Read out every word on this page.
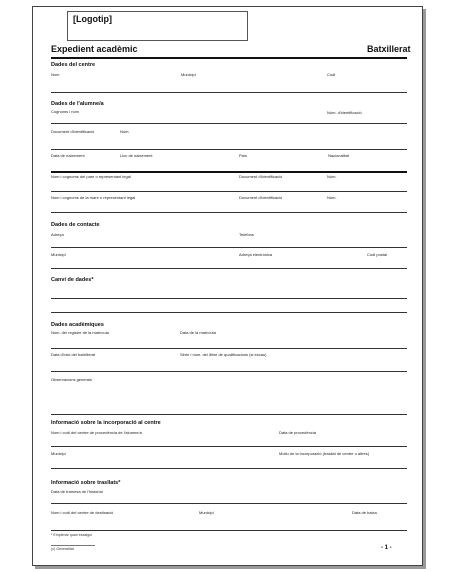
[Logotip]
Expedient acadèmic	Batxillerat
Dades del centre
Nom	Municipi	Codi
Dades de l'alumne/a
Cognoms i nom	Núm. d'identificació
Document d'identificació	Núm.
Data de naixement	Lloc de naixement	País	Nacionalitat
Nom i cognoms del pare o representant legal	Document d'identificació	Núm.
Nom i cognoms de la mare o representant legal	Document d'identificació	Núm.
Dades de contacte
Adreça	Telèfons
Municipi	Adreça electrònica	Codi postal
Canvi de dades*
Dades acadèmiques
Núm. del registre de la matrícula	Data de la matrícula
Data d'inici del batxillerat	Sèrie i núm. del llibre de qualificacions (si escau)
Observacions generals
Informació sobre la incorporació al centre
Nom i codi del centre de procedència de l'alumne/a	Data de procedència
Municipi	Motiu de la incorporació (trasllat de centre o altres)
Informació sobre trasllats*
Data de tramesa de l'historial
Nom i codi del centre de destinació	Municipi	Data de baixa
* Emplenar quan escaigui
(c) Generalitat	- 1 -
